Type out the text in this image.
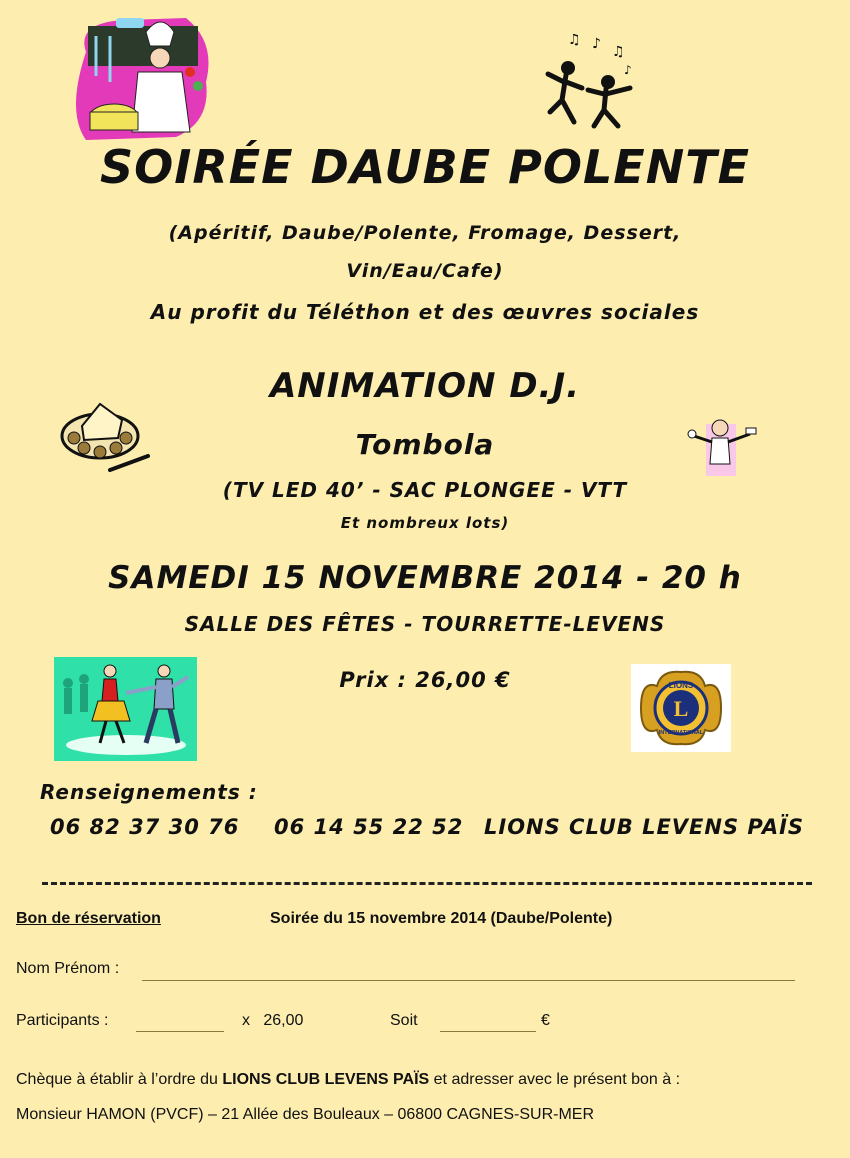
♫ ♪ ♫
♪
SOIRÉE DAUBE POLENTE
(Apéritif, Daube/Polente, Fromage, Dessert,
Vin/Eau/Cafe)
Au profit du Téléthon et des œuvres sociales
ANIMATION D.J.
Tombola
(TV LED 40’ - SAC PLONGEE - VTT
Et nombreux lots)
SAMEDI 15 NOVEMBRE 2014 - 20 h
SALLE DES FÊTES - TOURRETTE-LEVENS
Prix : 26,00 €
L
LIONS
INTERNATIONAL
Renseignements :
06 82 37 30 76 06 14 55 22 52 LIONS CLUB LEVENS PAÏS
Bon de réservation	Soirée du 15 novembre 2014 (Daube/Polente)
Nom Prénom :
Participants :	x   26,00	Soit	€
Chèque à établir à l’ordre du LIONS CLUB LEVENS PAÏS et adresser avec le présent bon à :
Monsieur HAMON (PVCF) – 21 Allée des Bouleaux – 06800 CAGNES-SUR-MER
